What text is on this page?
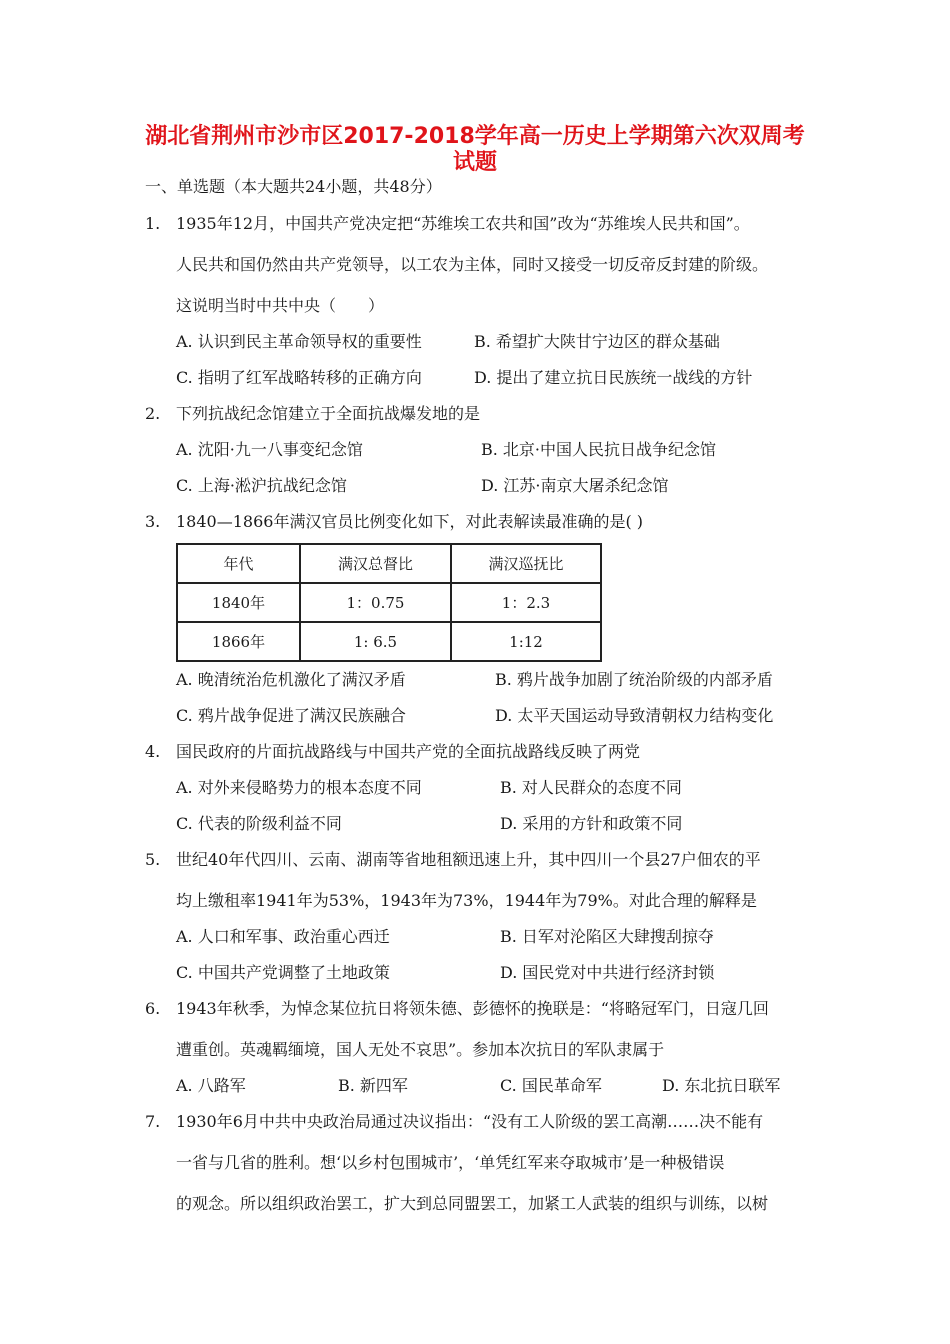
湖北省荆州市沙市区2017-2018学年高一历史上学期第六次双周考
试题
一、单选题（本大题共24小题，共48分）
1. 1935年12月，中国共产党决定把“苏维埃工农共和国”改为“苏维埃人民共和国”。
人民共和国仍然由共产党领导，以工农为主体，同时又接受一切反帝反封建的阶级。
这说明当时中共中央（　　）
A. 认识到民主革命领导权的重要性	B. 希望扩大陕甘宁边区的群众基础
C. 指明了红军战略转移的正确方向	D. 提出了建立抗日民族统一战线的方针
2. 下列抗战纪念馆建立于全面抗战爆发地的是
A. 沈阳·九一八事变纪念馆	B. 北京·中国人民抗日战争纪念馆
C. 上海·淞沪抗战纪念馆	D. 江苏·南京大屠杀纪念馆
3. 1840—1866年满汉官员比例变化如下，对此表解读最准确的是( )
年代	满汉总督比	满汉巡抚比
1840年	1：0.75	1：2.3
1866年	1: 6.5	1:12
A. 晚清统治危机激化了满汉矛盾	B. 鸦片战争加剧了统治阶级的内部矛盾
C. 鸦片战争促进了满汉民族融合	D. 太平天国运动导致清朝权力结构变化
4. 国民政府的片面抗战路线与中国共产党的全面抗战路线反映了两党
A. 对外来侵略势力的根本态度不同	B. 对人民群众的态度不同
C. 代表的阶级利益不同	D. 采用的方针和政策不同
5. 世纪40年代四川、云南、湖南等省地租额迅速上升，其中四川一个县27户佃农的平
均上缴租率1941年为53%，1943年为73%，1944年为79%。对此合理的解释是
A. 人口和军事、政治重心西迁	B. 日军对沦陷区大肆搜刮掠夺
C. 中国共产党调整了土地政策	D. 国民党对中共进行经济封锁
6. 1943年秋季，为悼念某位抗日将领朱德、彭德怀的挽联是：“将略冠军门，日寇几回
遭重创。英魂羁缅境，国人无处不哀思”。参加本次抗日的军队隶属于
A. 八路军	B. 新四军	C. 国民革命军	D. 东北抗日联军
7. 1930年6月中共中央政治局通过决议指出：“没有工人阶级的罢工高潮……决不能有
一省与几省的胜利。想‘以乡村包围城市’，‘单凭红军来夺取城市’是一种极错误
的观念。所以组织政治罢工，扩大到总同盟罢工，加紧工人武装的组织与训练，以树
